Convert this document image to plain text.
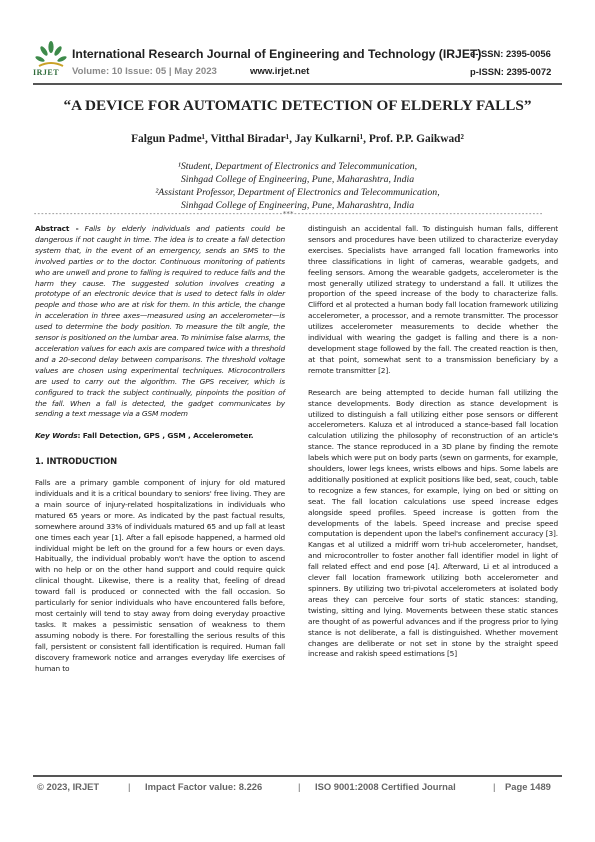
IRJET
International Research Journal of Engineering and Technology (IRJET)
e-ISSN: 2395-0056
Volume: 10 Issue: 05 | May 2023	www.irjet.net	p-ISSN: 2395-0072
“A DEVICE FOR AUTOMATIC DETECTION OF ELDERLY FALLS”
Falgun Padme¹, Vitthal Biradar¹, Jay Kulkarni¹, Prof. P.P. Gaikwad²
¹Student, Department of Electronics and Telecommunication,
Sinhgad College of Engineering, Pune, Maharashtra, India
²Assistant Professor, Department of Electronics and Telecommunication,
Sinhgad College of Engineering, Pune, Maharashtra, India
---------------------------------------------------------------------***---------------------------------------------------------------------

Abstract - Falls by elderly individuals and patients could be dangerous if not caught in time. The idea is to create a fall detection system that, in the event of an emergency, sends an SMS to the involved parties or to the doctor. Continuous monitoring of patients who are unwell and prone to falling is required to reduce falls and the harm they cause. The suggested solution involves creating a prototype of an electronic device that is used to detect falls in older people and those who are at risk for them. In this article, the change in acceleration in three axes—measured using an accelerometer—is used to determine the body position. To measure the tilt angle, the sensor is positioned on the lumbar area. To minimise false alarms, the acceleration values for each axis are compared twice with a threshold and a 20-second delay between comparisons. The threshold voltage values are chosen using experimental techniques. Microcontrollers are used to carry out the algorithm. The GPS receiver, which is configured to track the subject continually, pinpoints the position of the fall. When a fall is detected, the gadget communicates by sending a text message via a GSM modem

Key Words: Fall Detection, GPS , GSM , Accelerometer.

1. INTRODUCTION

Falls are a primary gamble component of injury for old matured individuals and it is a critical boundary to seniors' free living. They are a main source of injury-related hospitalizations in individuals who matured 65 years or more. As indicated by the past factual results, somewhere around 33% of individuals matured 65 and up fall at least one times each year [1]. After a fall episode happened, a harmed old individual might be left on the ground for a few hours or even days. Habitually, the individual probably won't have the option to ascend with no help or on the other hand support and could require quick clinical thought. Likewise, there is a reality that, feeling of dread toward fall is produced or connected with the fall occasion. So particularly for senior individuals who have encountered falls before, most certainly will tend to stay away from doing everyday proactive tasks. It makes a pessimistic sensation of weakness to them assuming nobody is there. For forestalling the serious results of this fall, persistent or consistent fall identification is required. Human fall discovery framework notice and arranges everyday life exercises of human to

distinguish an accidental fall. To distinguish human falls, different sensors and procedures have been utilized to characterize everyday exercises. Specialists have arranged fall location frameworks into three classifications in light of cameras, wearable gadgets, and feeling sensors. Among the wearable gadgets, accelerometer is the most generally utilized strategy to understand a fall. It utilizes the proportion of the speed increase of the body to characterize falls. Clifford et al protected a human body fall location framework utilizing accelerometer, a processor, and a remote transmitter. The processor utilizes accelerometer measurements to decide whether the individual with wearing the gadget is falling and there is a non-development stage followed by the fall. The created reaction is then, at that point, somewhat sent to a transmission beneficiary by a remote transmitter [2].

Research are being attempted to decide human fall utilizing the stance developments. Body direction as stance development is utilized to distinguish a fall utilizing either pose sensors or different accelerometers. Kaluza et al introduced a stance-based fall location calculation utilizing the philosophy of reconstruction of an article's stance. The stance reproduced in a 3D plane by finding the remote labels which were put on body parts (sewn on garments, for example, shoulders, lower legs knees, wrists elbows and hips. Some labels are additionally positioned at explicit positions like bed, seat, couch, table to recognize a few stances, for example, lying on bed or sitting on seat. The fall location calculations use speed increase edges alongside speed profiles. Speed increase is gotten from the developments of the labels. Speed increase and precise speed computation is dependent upon the label's confinement accuracy [3]. Kangas et al utilized a midriff worn tri-hub accelerometer, handset, and microcontroller to foster another fall identifier model in light of fall related effect and end pose [4]. Afterward, Li et al introduced a clever fall location framework utilizing both accelerometer and spinners. By utilizing two tri-pivotal accelerometers at isolated body areas they can perceive four sorts of static stances: standing, twisting, sitting and lying. Movements between these static stances are thought of as powerful advances and if the progress prior to lying stance is not deliberate, a fall is distinguished. Whether movement changes are deliberate or not set in stone by the straight speed increase and rakish speed estimations [5]

© 2023, IRJET	| Impact Factor value: 8.226	| ISO 9001:2008 Certified Journal	| Page 1489
